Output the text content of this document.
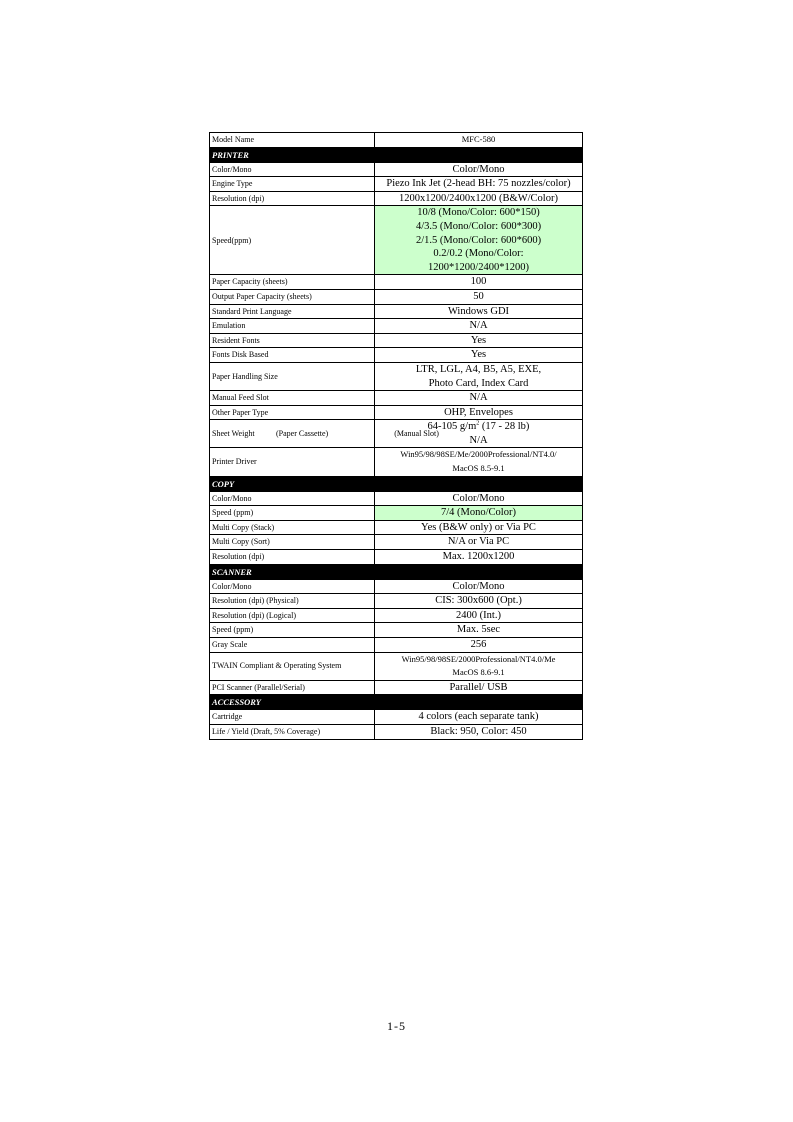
Model Name	MFC-580
PRINTER	
Color/Mono	Color/Mono
Engine Type	Piezo Ink Jet (2-head BH: 75 nozzles/color)
Resolution (dpi)	1200x1200/2400x1200 (B&W/Color)
Speed(ppm)	10/8 (Mono/Color: 600*150)
4/3.5 (Mono/Color: 600*300)
2/1.5 (Mono/Color: 600*600)
0.2/0.2 (Mono/Color:
1200*1200/2400*1200)

Paper Capacity (sheets)	100
Output Paper Capacity (sheets)	50
Standard Print Language	Windows GDI
Emulation	N/A
Resident Fonts	Yes
Fonts Disk Based	Yes
Paper Handling Size	LTR, LGL, A4, B5, A5, EXE,
Photo Card, Index Card

Manual Feed Slot	N/A
Other Paper Type	OHP, Envelopes
Sheet Weight (Paper Cassette) (Manual Slot)	64-105 $g/m^2$ (17 - 28 lb)
N/A

Printer Driver	Win95/98/98SE/Me/2000Professional/NT4.0/
MacOS 8.5-9.1

COPY	
Color/Mono	Color/Mono
Speed (ppm)	7/4 (Mono/Color)
Multi Copy (Stack)	Yes (B&W only) or Via PC
Multi Copy (Sort)	N/A or Via PC
Resolution (dpi)	Max. 1200x1200
SCANNER	
Color/Mono	Color/Mono
Resolution (dpi) (Physical)	CIS: 300x600 (Opt.)
Resolution (dpi) (Logical)	2400 (Int.)
Speed (ppm)	Max. 5sec
Gray Scale	256
TWAIN Compliant & Operating System	Win95/98/98SE/2000Professional/NT4.0/Me
MacOS 8.6-9.1

PCI Scanner (Parallel/Serial)	Parallel/ USB
ACCESSORY	
Cartridge	4 colors (each separate tank)
Life / Yield (Draft, 5% Coverage)	Black: 950, Color: 450
1-5
